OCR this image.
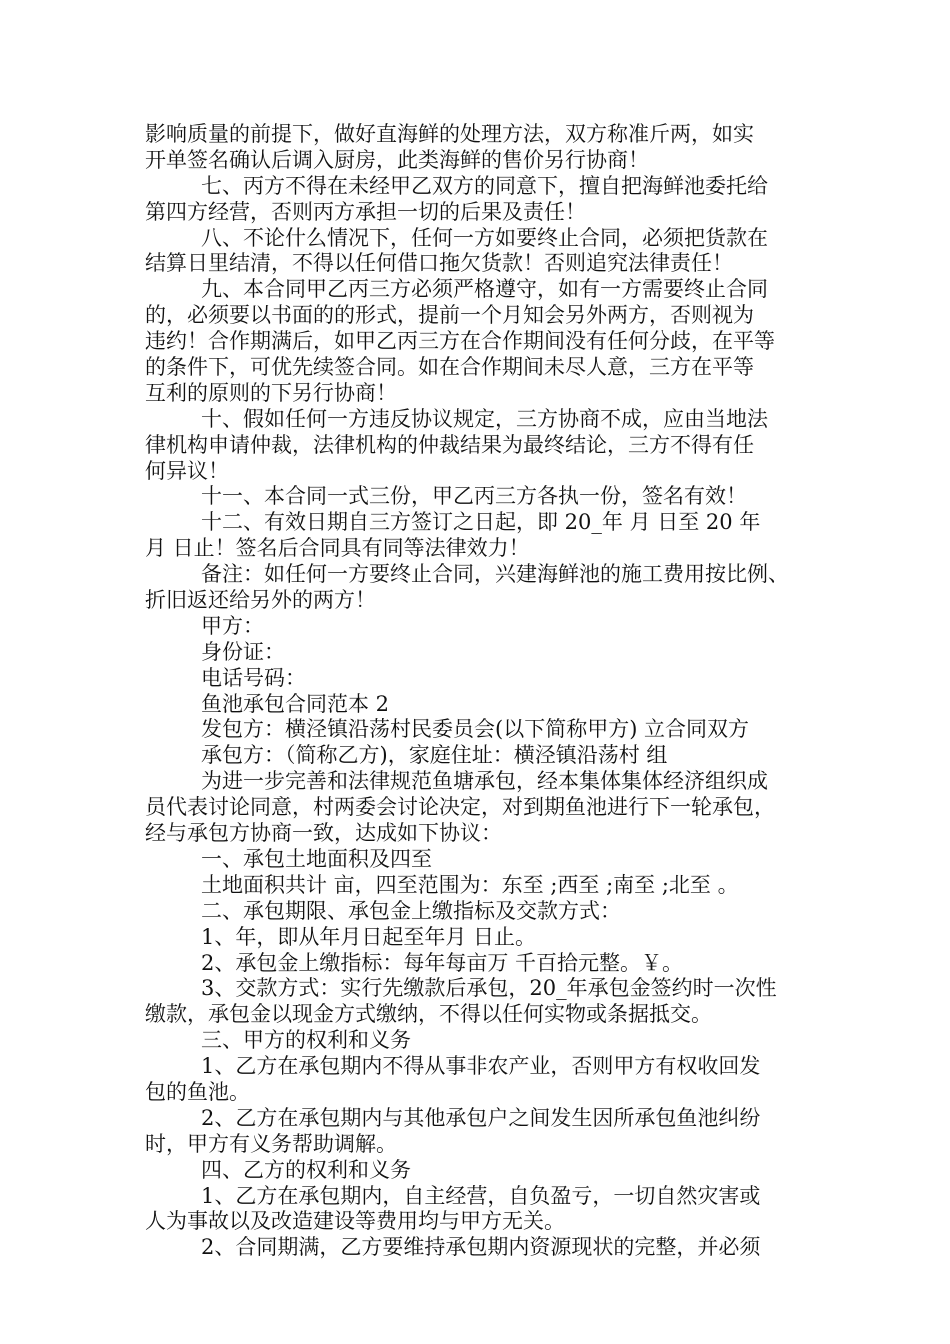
影响质量的前提下，做好直海鲜的处理方法，双方称准斤两，如实
开单签名确认后调入厨房，此类海鲜的售价另行协商！
七、丙方不得在未经甲乙双方的同意下，擅自把海鲜池委托给
第四方经营，否则丙方承担一切的后果及责任！
八、不论什么情况下，任何一方如要终止合同，必须把货款在
结算日里结清，不得以任何借口拖欠货款！否则追究法律责任！
九、本合同甲乙丙三方必须严格遵守，如有一方需要终止合同
的，必须要以书面的的形式，提前一个月知会另外两方，否则视为
违约！合作期满后，如甲乙丙三方在合作期间没有任何分歧，在平等
的条件下，可优先续签合同。如在合作期间未尽人意，三方在平等
互利的原则的下另行协商！
十、假如任何一方违反协议规定，三方协商不成，应由当地法
律机构申请仲裁，法律机构的仲裁结果为最终结论，三方不得有任
何异议！
十一、本合同一式三份，甲乙丙三方各执一份，签名有效！
十二、有效日期自三方签订之日起，即 20_年 月 日至 20 年
月 日止！签名后合同具有同等法律效力！
备注：如任何一方要终止合同，兴建海鲜池的施工费用按比例、
折旧返还给另外的两方！
甲方：
身份证：
电话号码：
鱼池承包合同范本 2
发包方：横泾镇沿荡村民委员会(以下简称甲方) 立合同双方
承包方：（简称乙方)，家庭住址：横泾镇沿荡村 组
为进一步完善和法律规范鱼塘承包，经本集体集体经济组织成
员代表讨论同意，村两委会讨论决定，对到期鱼池进行下一轮承包，
经与承包方协商一致，达成如下协议：
一、承包土地面积及四至
土地面积共计 亩，四至范围为：东至 ;西至 ;南至 ;北至 。
二、承包期限、承包金上缴指标及交款方式：
1、年，即从年月日起至年月 日止。
2、承包金上缴指标：每年每亩万 千百拾元整。￥。
3、交款方式：实行先缴款后承包，20_年承包金签约时一次性
缴款，承包金以现金方式缴纳，不得以任何实物或条据抵交。
三、甲方的权利和义务
1、乙方在承包期内不得从事非农产业，否则甲方有权收回发
包的鱼池。
2、乙方在承包期内与其他承包户之间发生因所承包鱼池纠纷
时，甲方有义务帮助调解。
四、乙方的权利和义务
1、乙方在承包期内，自主经营，自负盈亏，一切自然灾害或
人为事故以及改造建设等费用均与甲方无关。
2、合同期满，乙方要维持承包期内资源现状的完整，并必须
